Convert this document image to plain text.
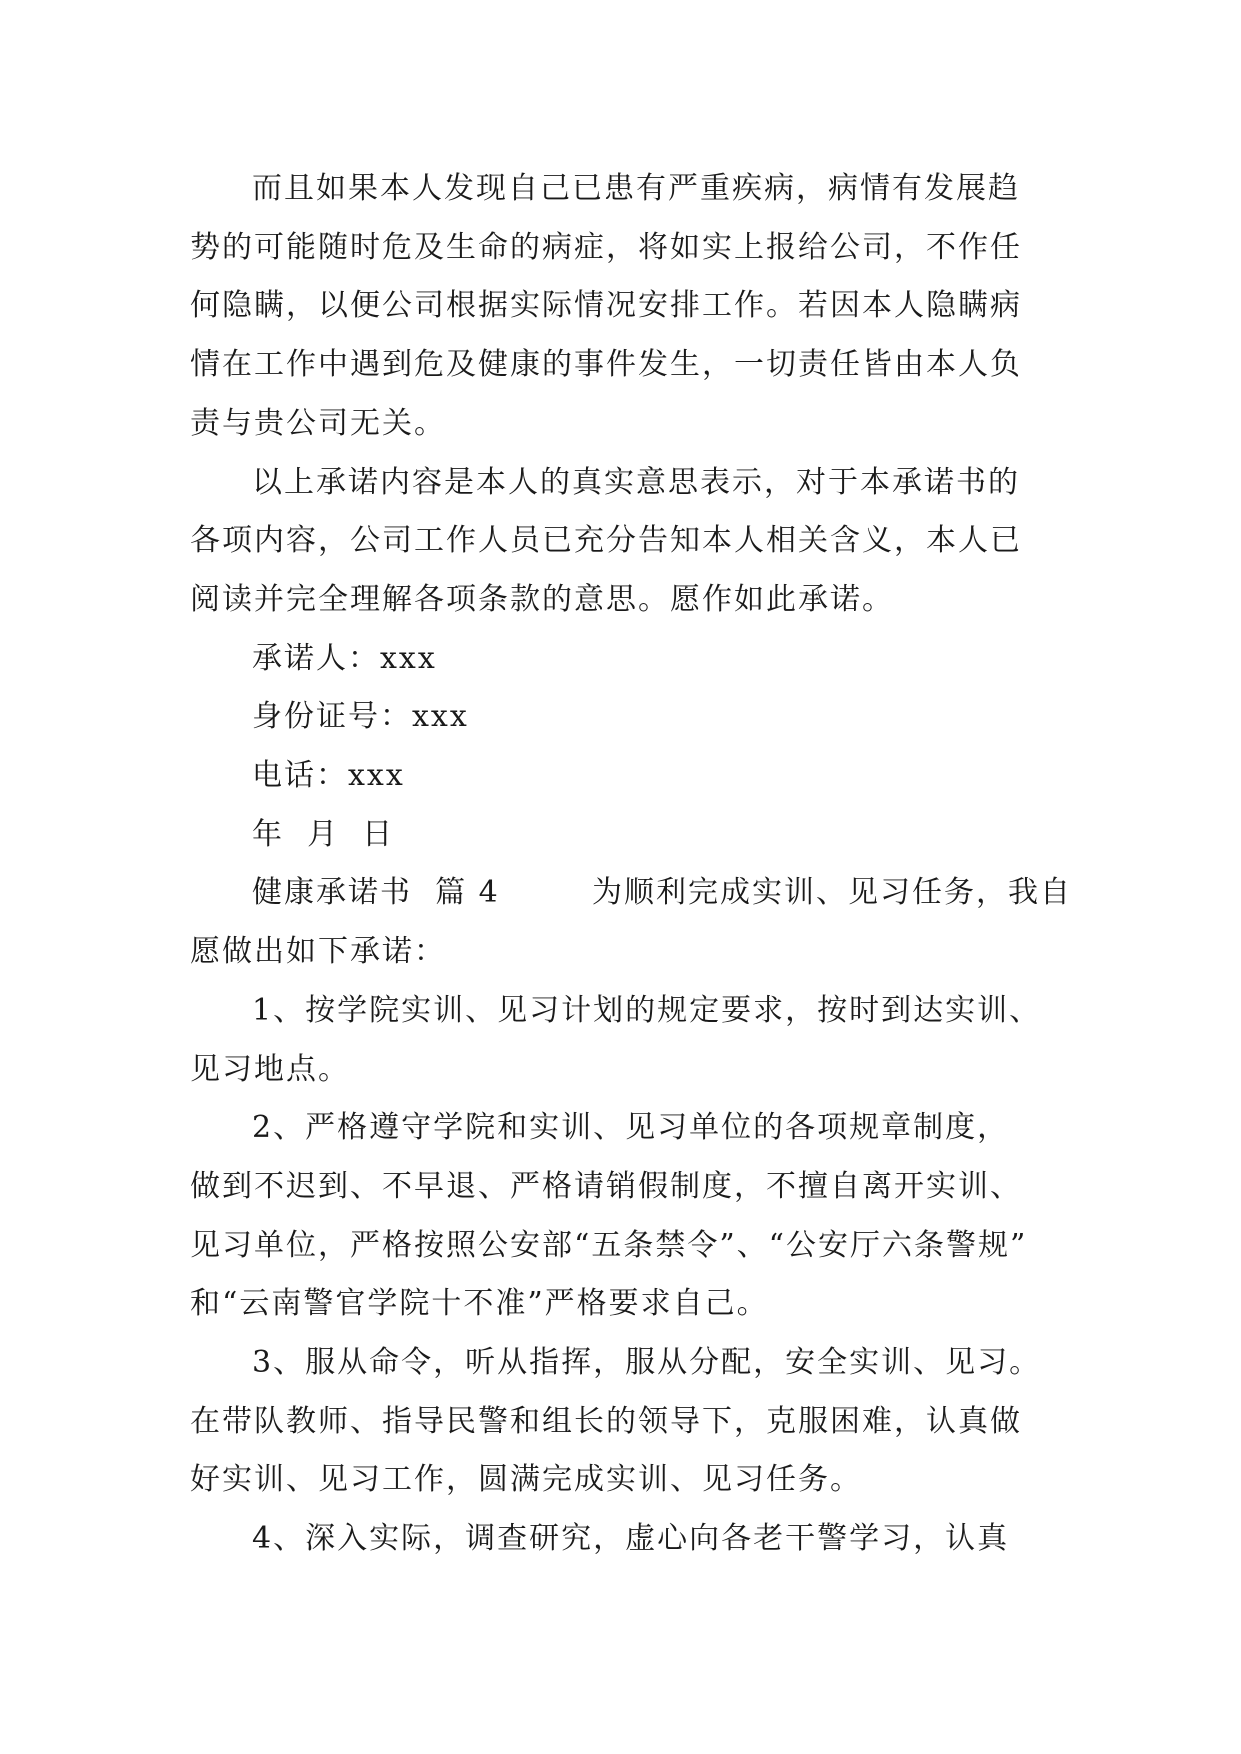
而且如果本人发现自己已患有严重疾病，病情有发展趋
势的可能随时危及生命的病症，将如实上报给公司，不作任
何隐瞒，以便公司根据实际情况安排工作。若因本人隐瞒病
情在工作中遇到危及健康的事件发生，一切责任皆由本人负
责与贵公司无关。

以上承诺内容是本人的真实意思表示，对于本承诺书的
各项内容，公司工作人员已充分告知本人相关含义，本人已
阅读并完全理解各项条款的意思。愿作如此承诺。

承诺人：xxx
身份证号：xxx
电话：xxx
年  月  日

健康承诺书  篇 4        为顺利完成实训、见习任务，我自
愿做出如下承诺：

1、按学院实训、见习计划的规定要求，按时到达实训、
见习地点。

2、严格遵守学院和实训、见习单位的各项规章制度，
做到不迟到、不早退、严格请销假制度，不擅自离开实训、
见习单位，严格按照公安部“五条禁令”、“公安厅六条警规”
和“云南警官学院十不准”严格要求自己。

3、服从命令，听从指挥，服从分配，安全实训、见习。
在带队教师、指导民警和组长的领导下，克服困难，认真做
好实训、见习工作，圆满完成实训、见习任务。

4、深入实际，调查研究，虚心向各老干警学习，认真
